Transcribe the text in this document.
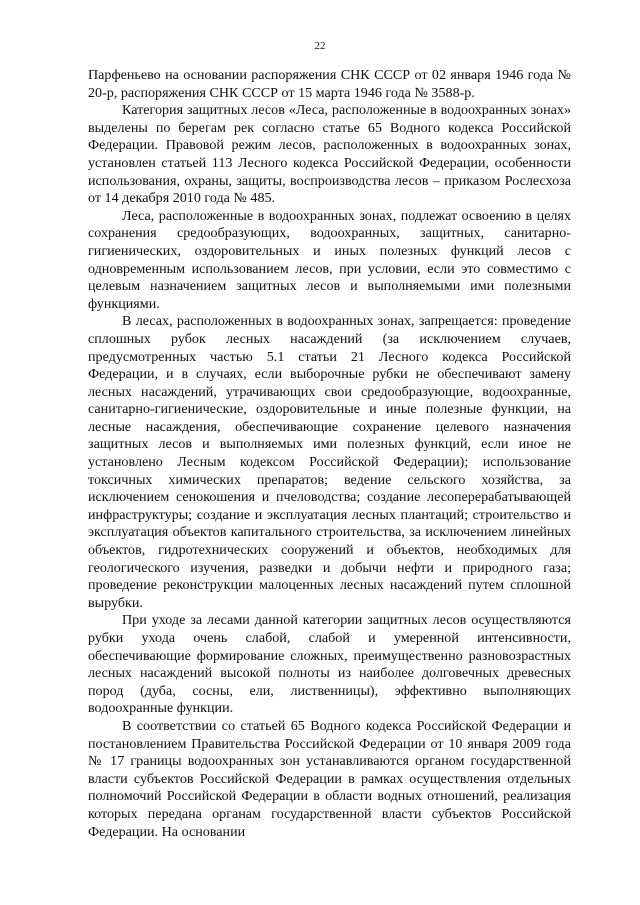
22

Парфеньево на основании распоряжения СНК СССР от 02 января 1946 года № 20-р, распоряжения СНК СССР от 15 марта 1946 года № 3588-р.

Категория защитных лесов «Леса, расположенные в водоохранных зонах» выделены по берегам рек согласно статье 65 Водного кодекса Российской Федерации. Правовой режим лесов, расположенных в водоохранных зонах, установлен статьей 113 Лесного кодекса Российской Федерации, особенности использования, охраны, защиты, воспроизводства лесов – приказом Рослесхоза от 14 декабря 2010 года № 485.

Леса, расположенные в водоохранных зонах, подлежат освоению в целях сохранения средообразующих, водоохранных, защитных, санитарно-гигиенических, оздоровительных и иных полезных функций лесов с одновременным использованием лесов, при условии, если это совместимо с целевым назначением защитных лесов и выполняемыми ими полезными функциями.

В лесах, расположенных в водоохранных зонах, запрещается: проведение сплошных рубок лесных насаждений (за исключением случаев, предусмотренных частью 5.1 статьи 21 Лесного кодекса Российской Федерации, и в случаях, если выборочные рубки не обеспечивают замену лесных насаждений, утрачивающих свои средообразующие, водоохранные, санитарно-гигиенические, оздоровительные и иные полезные функции, на лесные насаждения, обеспечивающие сохранение целевого назначения защитных лесов и выполняемых ими полезных функций, если иное не установлено Лесным кодексом Российской Федерации); использование токсичных химических препаратов; ведение сельского хозяйства, за исключением сенокошения и пчеловодства; создание лесоперерабатывающей инфраструктуры; создание и эксплуатация лесных плантаций; строительство и эксплуатация объектов капитального строительства, за исключением линейных объектов, гидротехнических сооружений и объектов, необходимых для геологического изучения, разведки и добычи нефти и природного газа; проведение реконструкции малоценных лесных насаждений путем сплошной вырубки.

При уходе за лесами данной категории защитных лесов осуществляются рубки ухода очень слабой, слабой и умеренной интенсивности, обеспечивающие формирование сложных, преимущественно разновозрастных лесных насаждений высокой полноты из наиболее долговечных древесных пород (дуба, сосны, ели, лиственницы), эффективно выполняющих водоохранные функции.

В соответствии со статьей 65 Водного кодекса Российской Федерации и постановлением Правительства Российской Федерации от 10 января 2009 года № 17 границы водоохранных зон устанавливаются органом государственной власти субъектов Российской Федерации в рамках осуществления отдельных полномочий Российской Федерации в области водных отношений, реализация которых передана органам государственной власти субъектов Российской Федерации. На основании
